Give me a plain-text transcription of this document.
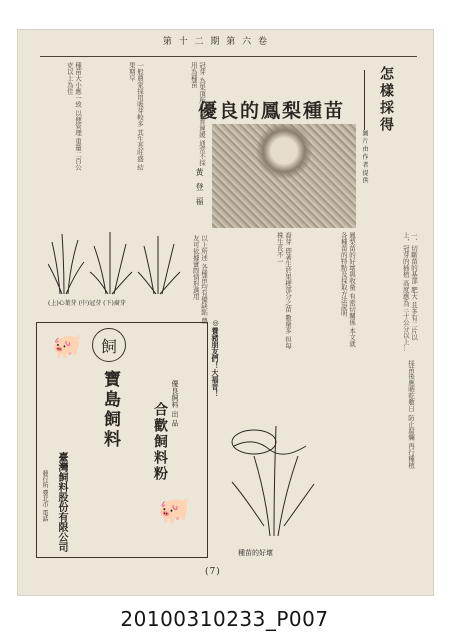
第 十 二 期 第 六 卷
怎樣採得
優良的鳳梨種苗
圖 片 由 作 者 提 供
一、切斷苗的基部 肥大 且多有二片以上，冠芽的插植 高度應為三十公分以上…
鳳梨苗的好壞與收量 有密切關係 本文就各種苗的特點及採取方法說明
裔芽 即著生於果梗部分之苗 數量多 但每株生長不一
冠芽 為果頂所生 發育遲緩 通常不採用為種苗
一般農家採用吸芽較多 其生長旺盛 結果期早
種苗大小應一致 以便管理 重量二百公克以上為佳
採苗後應晒乾數日 防止腐爛 再行種植
以上所述 各種苗均有優缺點 農友可依據實際情形選用
黃 登 福
(上)心葉芽 (中)冠芽 (下)裔芽
種苗的好壞
飼
🐖
寶島飼料 合歡飼料粉
臺灣飼料股份有限公司
優良飼料 出 品
發行所 臺北市 電話	🐖
◎養豬朋友們！大福音！
(7)
20100310233_P007
